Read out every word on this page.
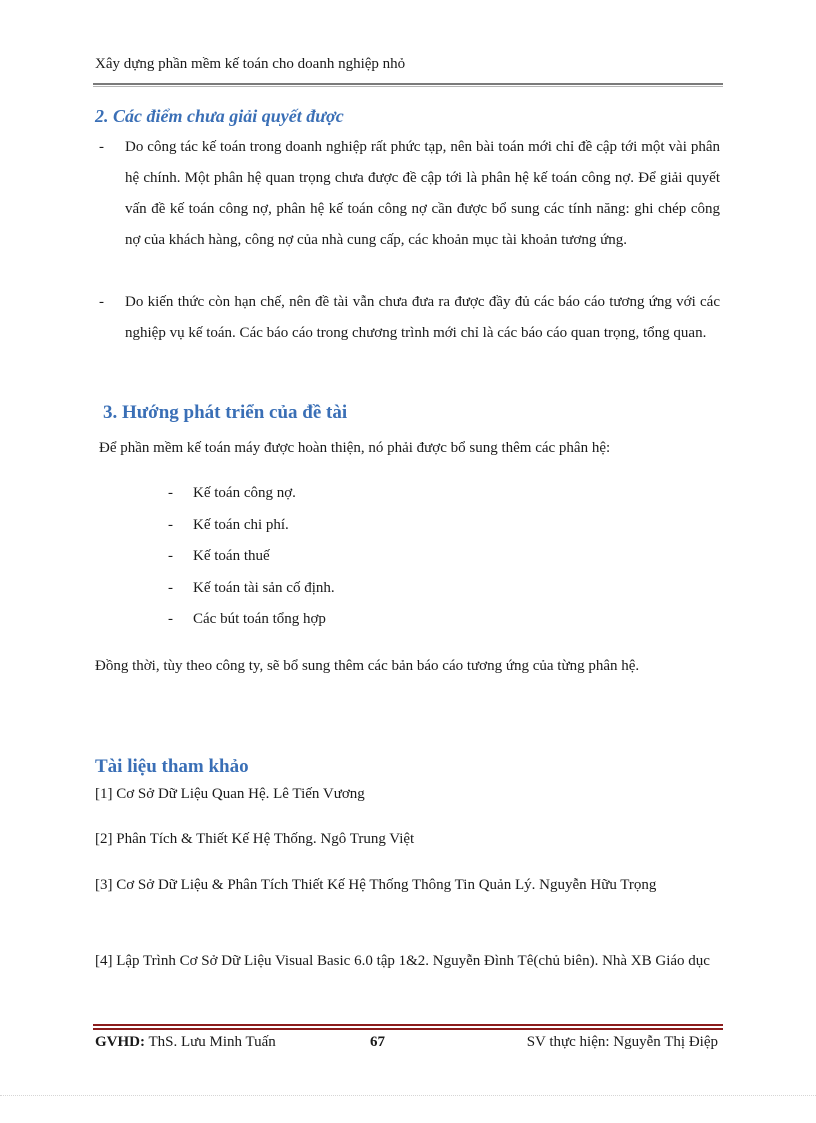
Xây dựng phần mềm kế toán cho doanh nghiệp nhỏ
2. Các điểm chưa giải quyết được
- Do công tác kế toán trong doanh nghiệp rất phức tạp, nên bài toán mới chỉ đề cập tới một vài phân hệ chính. Một phân hệ quan trọng chưa được đề cập tới là phân hệ kế toán công nợ. Để giải quyết vấn đề kế toán công nợ, phân hệ kế toán công nợ cần được bổ sung các tính năng: ghi chép công nợ của khách hàng, công nợ của nhà cung cấp, các khoản mục tài khoản tương ứng.
- Do kiến thức còn hạn chế, nên đề tài vẫn chưa đưa ra được đầy đủ các báo cáo tương ứng với các nghiệp vụ kế toán. Các báo cáo trong chương trình mới chỉ là các báo cáo quan trọng, tổng quan.
3. Hướng phát triển của đề tài
Để phần mềm kế toán máy được hoàn thiện, nó phải được bổ sung thêm các phân hệ:
- Kế toán công nợ.
- Kế toán chi phí.
- Kế toán thuế
- Kế toán tài sản cố định.
- Các bút toán tổng hợp
Đồng thời, tùy theo công ty, sẽ bổ sung thêm các bản báo cáo tương ứng của từng phân hệ.
Tài liệu tham khảo
[1] Cơ Sở Dữ Liệu Quan Hệ. Lê Tiến Vương
[2] Phân Tích & Thiết Kế Hệ Thống. Ngô Trung Việt
[3] Cơ Sở Dữ Liệu & Phân Tích Thiết Kế Hệ Thống Thông Tin Quản Lý. Nguyễn Hữu Trọng
[4] Lập Trình Cơ Sở Dữ Liệu Visual Basic 6.0 tập 1&2. Nguyễn Đình Tê(chủ biên). Nhà XB Giáo dục
GVHD: ThS. Lưu Minh Tuấn	67	SV thực hiện: Nguyễn Thị Điệp
